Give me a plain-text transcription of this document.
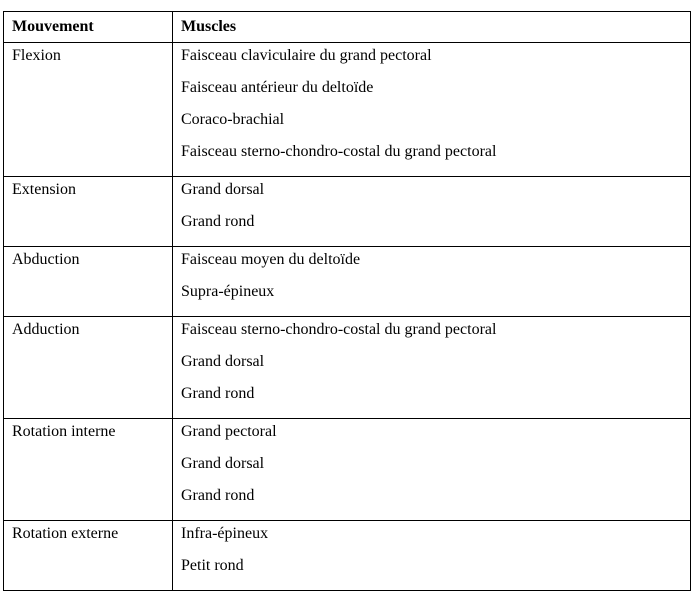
Mouvement	Muscles

Flexion	Faisceau claviculaire du grand pectoral
Faisceau antérieur du deltoïde
Coraco-brachial
Faisceau sterno-chondro-costal du grand pectoral

Extension	Grand dorsal
Grand rond

Abduction	Faisceau moyen du deltoïde
Supra-épineux

Adduction	Faisceau sterno-chondro-costal du grand pectoral
Grand dorsal
Grand rond

Rotation interne	Grand pectoral
Grand dorsal
Grand rond

Rotation externe	Infra-épineux
Petit rond
